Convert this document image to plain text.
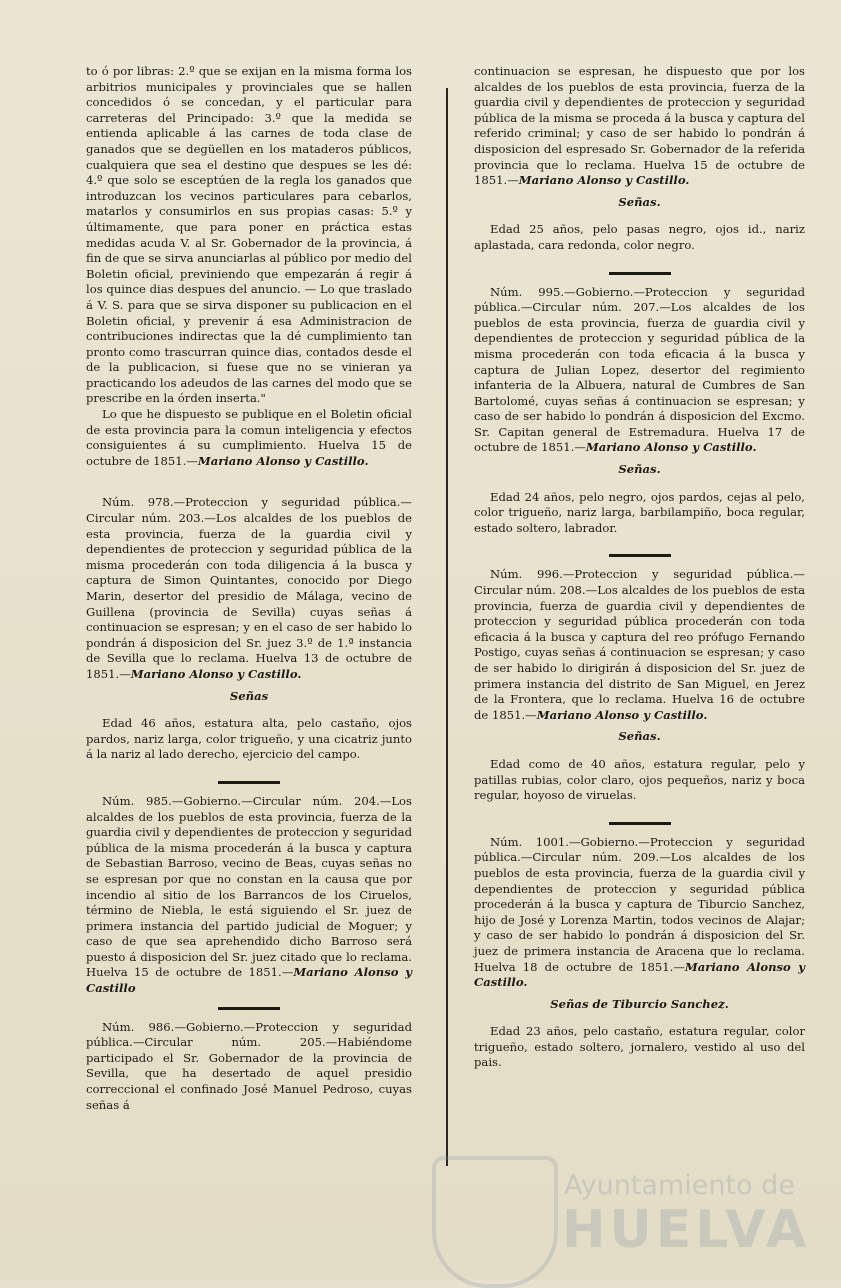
to ó por libras: 2.º que se exijan en la misma forma los arbitrios municipales y provinciales que se hallen concedidos ó se concedan, y el particular para carreteras del Principado: 3.º que la medida se entienda aplicable á las carnes de toda clase de ganados que se degüellen en los mataderos públicos, cualquiera que sea el destino que despues se les dé: 4.º que solo se esceptúen de la regla los ganados que introduzcan los vecinos particulares para cebarlos, matarlos y consumirlos en sus propias casas: 5.º y últimamente, que para poner en práctica estas medidas acuda V. al Sr. Gobernador de la provincia, á fin de que se sirva anunciarlas al público por medio del Boletin oficial, previniendo que empezarán á regir á los quince dias despues del anuncio. — Lo que traslado á V. S. para que se sirva disponer su publicacion en el Boletin oficial, y prevenir á esa Administracion de contribuciones indirectas que la dé cumplimiento tan pronto como trascurran quince dias, contados desde el de la publicacion, si fuese que no se vinieran ya practicando los adeudos de las carnes del modo que se prescribe en la órden inserta."

Lo que he dispuesto se publique en el Boletin oficial de esta provincia para la comun inteligencia y efectos consiguientes á su cumplimiento. Huelva 15 de octubre de 1851.—Mariano Alonso y Castillo.

Núm. 978.—Proteccion y seguridad pública.—Circular núm. 203.—Los alcaldes de los pueblos de esta provincia, fuerza de la guardia civil y dependientes de proteccion y seguridad pública de la misma procederán con toda diligencia á la busca y captura de Simon Quintantes, conocido por Diego Marin, desertor del presidio de Málaga, vecino de Guillena (provincia de Sevilla) cuyas señas á continuacion se espresan; y en el caso de ser habido lo pondrán á disposicion del Sr. juez 3.º de 1.ª instancia de Sevilla que lo reclama. Huelva 13 de octubre de 1851.—Mariano Alonso y Castillo.

Señas

Edad 46 años, estatura alta, pelo castaño, ojos pardos, nariz larga, color trigueño, y una cicatriz junto á la nariz al lado derecho, ejercicio del campo.

Núm. 985.—Gobierno.—Circular núm. 204.—Los alcaldes de los pueblos de esta provincia, fuerza de la guardia civil y dependientes de proteccion y seguridad pública de la misma procederán á la busca y captura de Sebastian Barroso, vecino de Beas, cuyas señas no se espresan por que no constan en la causa que por incendio al sitio de los Barrancos de los Ciruelos, término de Niebla, le está siguiendo el Sr. juez de primera instancia del partido judicial de Moguer; y caso de que sea aprehendido dicho Barroso será puesto á disposicion del Sr. juez citado que lo reclama. Huelva 15 de octubre de 1851.—Mariano Alonso y Castillo

Núm. 986.—Gobierno.—Proteccion y seguridad pública.—Circular núm. 205.—Habiéndome participado el Sr. Gobernador de la provincia de Sevilla, que ha desertado de aquel presidio correccional el confinado José Manuel Pedroso, cuyas señas á

continuacion se espresan, he dispuesto que por los alcaldes de los pueblos de esta provincia, fuerza de la guardia civil y dependientes de proteccion y seguridad pública de la misma se proceda á la busca y captura del referido criminal; y caso de ser habido lo pondrán á disposicion del espresado Sr. Gobernador de la referida provincia que lo reclama. Huelva 15 de octubre de 1851.—Mariano Alonso y Castillo.

Señas.

Edad 25 años, pelo pasas negro, ojos id., nariz aplastada, cara redonda, color negro.

Núm. 995.—Gobierno.—Proteccion y seguridad pública.—Circular núm. 207.—Los alcaldes de los pueblos de esta provincia, fuerza de guardia civil y dependientes de proteccion y seguridad pública de la misma procederán con toda eficacia á la busca y captura de Julian Lopez, desertor del regimiento infanteria de la Albuera, natural de Cumbres de San Bartolomé, cuyas señas á continuacion se espresan; y caso de ser habido lo pondrán á disposicion del Excmo. Sr. Capitan general de Estremadura. Huelva 17 de octubre de 1851.—Mariano Alonso y Castillo.

Señas.

Edad 24 años, pelo negro, ojos pardos, cejas al pelo, color trigueño, nariz larga, barbilampiño, boca regular, estado soltero, labrador.

Núm. 996.—Proteccion y seguridad pública.—Circular núm. 208.—Los alcaldes de los pueblos de esta provincia, fuerza de guardia civil y dependientes de proteccion y seguridad pública procederán con toda eficacia á la busca y captura del reo prófugo Fernando Postigo, cuyas señas á continuacion se espresan; y caso de ser habido lo dirigirán á disposicion del Sr. juez de primera instancia del distrito de San Miguel, en Jerez de la Frontera, que lo reclama. Huelva 16 de octubre de 1851.—Mariano Alonso y Castillo.

Señas.

Edad como de 40 años, estatura regular, pelo y patillas rubias, color claro, ojos pequeños, nariz y boca regular, hoyoso de viruelas.

Núm. 1001.—Gobierno.—Proteccion y seguridad pública.—Circular núm. 209.—Los alcaldes de los pueblos de esta provincia, fuerza de la guardia civil y dependientes de proteccion y seguridad pública procederán á la busca y captura de Tiburcio Sanchez, hijo de José y Lorenza Martin, todos vecinos de Alajar; y caso de ser habido lo pondrán á disposicion del Sr. juez de primera instancia de Aracena que lo reclama. Huelva 18 de octubre de 1851.—Mariano Alonso y Castillo.

Señas de Tiburcio Sanchez.

Edad 23 años, pelo castaño, estatura regular, color trigueño, estado soltero, jornalero, vestido al uso del pais.

Ayuntamiento de
HUELVA
